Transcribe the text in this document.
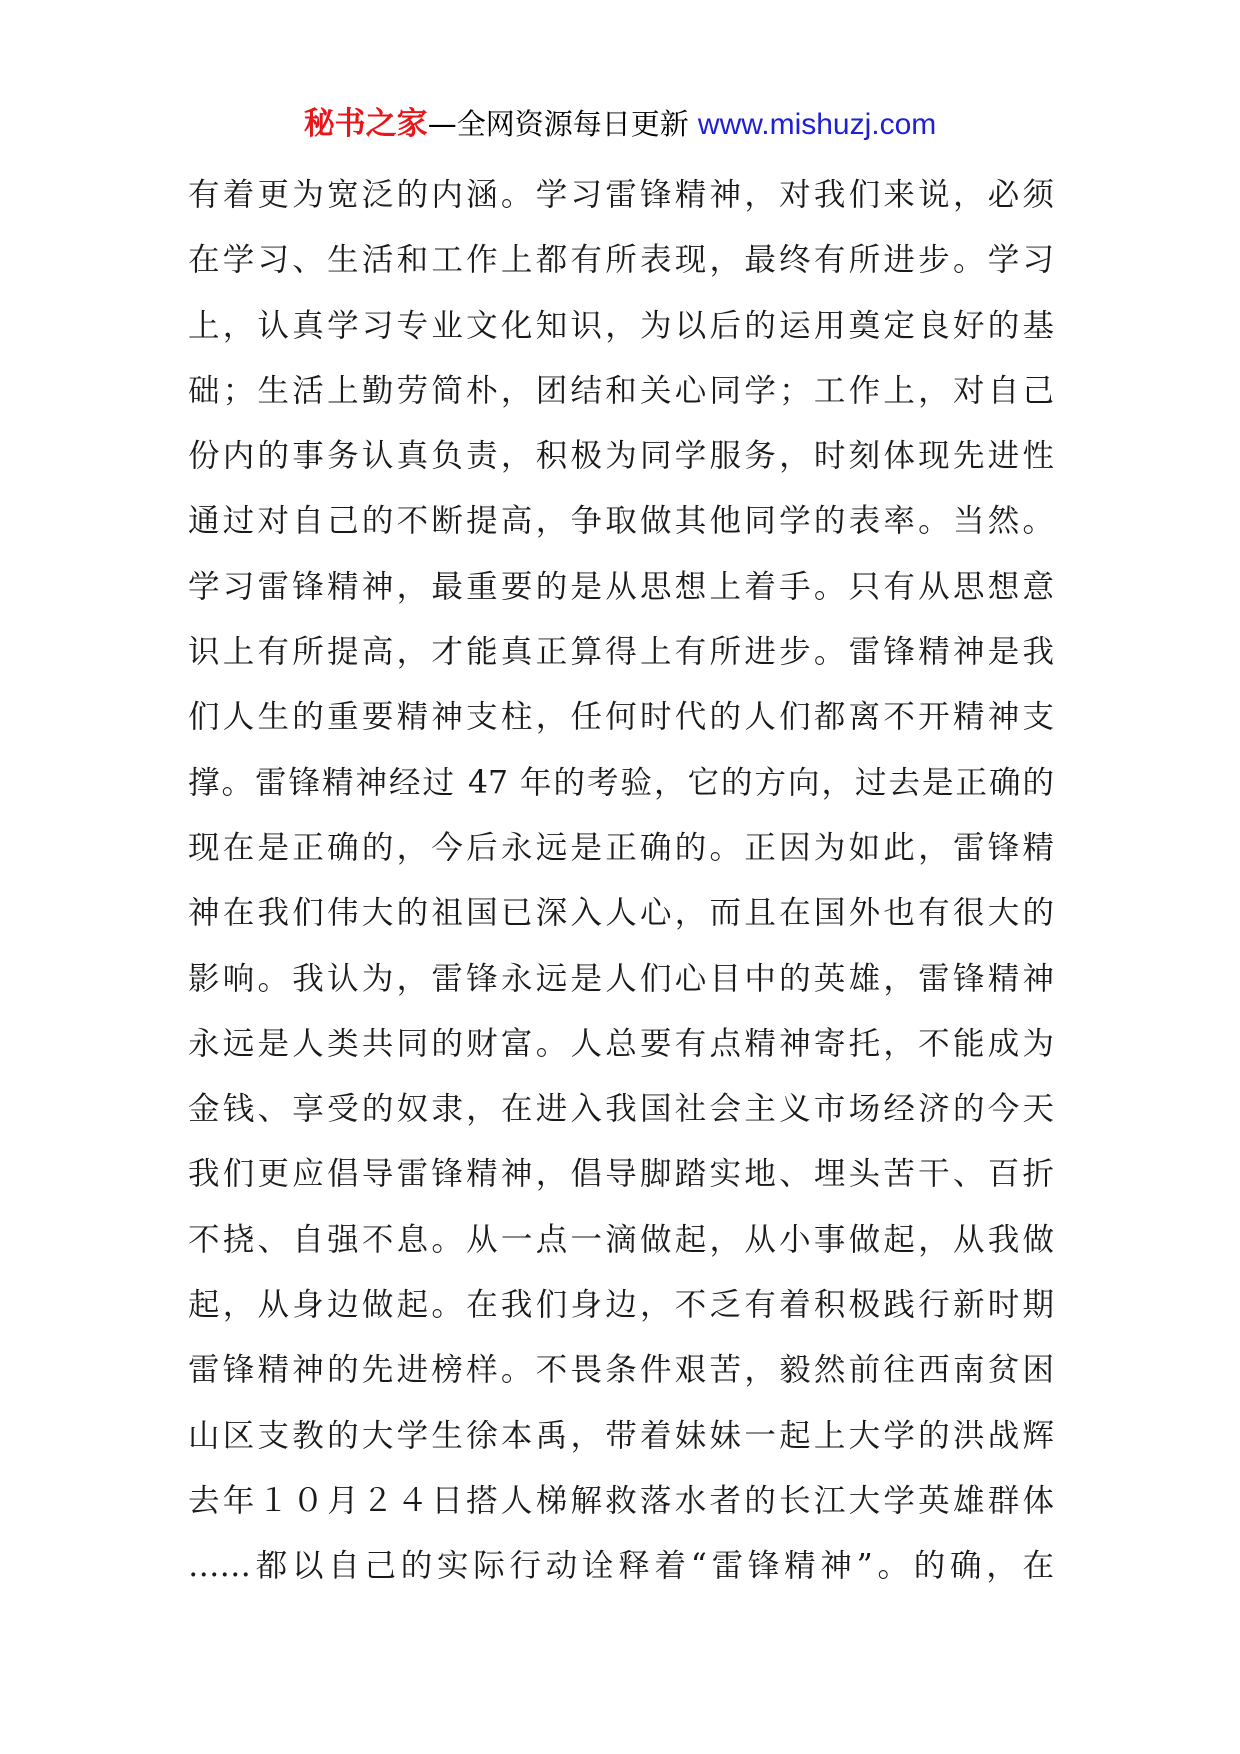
秘书之家—全网资源每日更新 www.mishuzj.com
有着更为宽泛的内涵。学习雷锋精神，对我们来说，必须
在学习、生活和工作上都有所表现，最终有所进步。学习
上，认真学习专业文化知识，为以后的运用奠定良好的基
础；生活上勤劳简朴，团结和关心同学；工作上，对自己
份内的事务认真负责，积极为同学服务，时刻体现先进性
通过对自己的不断提高，争取做其他同学的表率。当然。
学习雷锋精神，最重要的是从思想上着手。只有从思想意
识上有所提高，才能真正算得上有所进步。雷锋精神是我
们人生的重要精神支柱，任何时代的人们都离不开精神支
撑。雷锋精神经过 47 年的考验，它的方向，过去是正确的
现在是正确的，今后永远是正确的。正因为如此，雷锋精
神在我们伟大的祖国已深入人心，而且在国外也有很大的
影响。我认为，雷锋永远是人们心目中的英雄，雷锋精神
永远是人类共同的财富。人总要有点精神寄托，不能成为
金钱、享受的奴隶，在进入我国社会主义市场经济的今天
我们更应倡导雷锋精神，倡导脚踏实地、埋头苦干、百折
不挠、自强不息。从一点一滴做起，从小事做起，从我做
起，从身边做起。在我们身边，不乏有着积极践行新时期
雷锋精神的先进榜样。不畏条件艰苦，毅然前往西南贫困
山区支教的大学生徐本禹，带着妹妹一起上大学的洪战辉
去年１０月２４日搭人梯解救落水者的长江大学英雄群体
……都以自己的实际行动诠释着“雷锋精神”。的确，在
